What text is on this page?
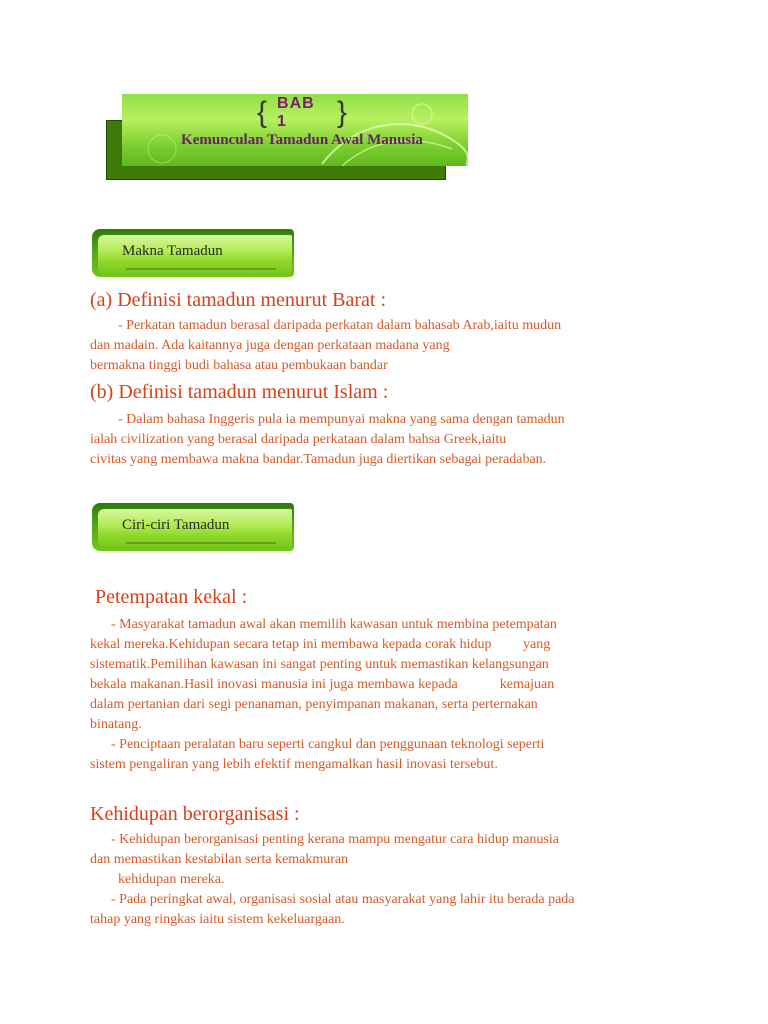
{ BAB 1	}
Kemunculan Tamadun Awal Manusia
Makna Tamadun
(a) Definisi tamadun menurut Barat :
- Perkatan tamadun berasal daripada perkatan dalam bahasab Arab,iaitu mudun
dan madain. Ada kaitannya juga dengan perkataan madana yang
bermakna tinggi budi bahasa atau pembukaan bandar
(b) Definisi tamadun menurut Islam :
- Dalam bahasa Inggeris pula ia mempunyai makna yang sama dengan tamadun
ialah civilization yang berasal daripada perkataan dalam bahsa Greek,iaitu
civitas yang membawa makna bandar.Tamadun juga diertikan sebagai peradaban.
Ciri-ciri Tamadun
Petempatan kekal :
- Masyarakat tamadun awal akan memilih kawasan untuk membina petempatan
kekal mereka.Kehidupan secara tetap ini membawa kepada corak hidup         yang
sistematik.Pemilihan kawasan ini sangat penting untuk memastikan kelangsungan
bekala makanan.Hasil inovasi manusia ini juga membawa kepada            kemajuan
dalam pertanian dari segi penanaman, penyimpanan makanan, serta perternakan
binatang.
- Penciptaan peralatan baru seperti cangkul dan penggunaan teknologi seperti
sistem pengaliran yang lebih efektif mengamalkan hasil inovasi tersebut.
Kehidupan berorganisasi :
- Kehidupan berorganisasi penting kerana mampu mengatur cara hidup manusia
dan memastikan kestabilan serta kemakmuran
kehidupan mereka.
- Pada peringkat awal, organisasi sosial atau masyarakat yang lahir itu berada pada
tahap yang ringkas iaitu sistem kekeluargaan.
